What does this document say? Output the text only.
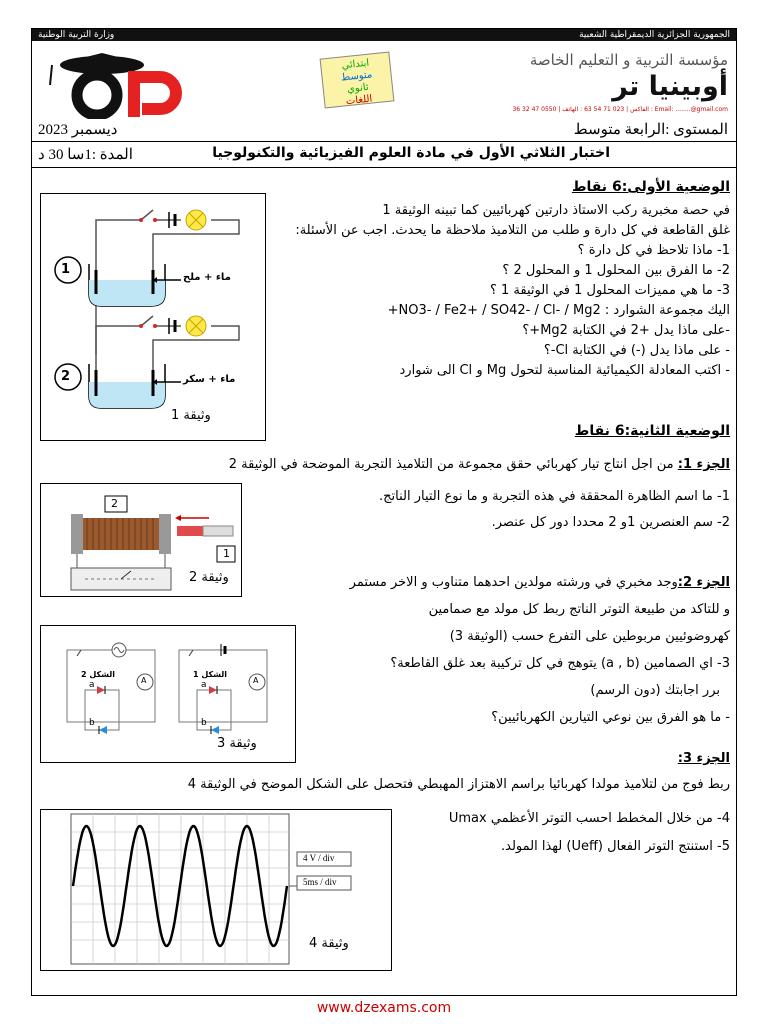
الجمهورية الجزائرية الديمقراطية الشعبية
وزارة التربية الوطنية
ابتدائي
متوسط
ثانوي
اللغات
مؤسسة التربية و التعليم الخاصة
أوبينيا تر
Email: ........@gmail.com : الفاكس | 023 71 54 63 : الهاتف | 0550 47 32 36
المستوى :الرابعة متوسط
ديسمبر 2023
اختبار الثلاثي الأول في مادة العلوم الفيزيائية والتكنولوجيا
المدة :1سا 30 د
الوضعية الأولى:6 نقاط
في حصة مخبرية ركب الاستاذ دارتين كهربائيين كما تبينه الوثيقة 1
غلق القاطعة في كل دارة و طلب من التلاميذ ملاحظة ما يحدث. اجب عن الأسئلة:
1- ماذا تلاحظ في كل دارة ؟
2- ما الفرق بين المحلول 1 و المحلول 2 ؟
3- ما هي مميزات المحلول 1 في الوثيقة 1 ؟
اليك مجموعة الشوارد : NO3- / Fe2+ / SO42- / Cl- / Mg2+
-على ماذا يدل +2 في الكتابة Mg2+؟
- على ماذا يدل (-) في الكتابة Cl-؟
- اكتب المعادلة الكيميائية المناسبة لتحول Mg و Cl الى شوارد
1
2
ماء + ملح
ماء + سكر
وثيقة 1
الوضعية الثانية:6 نقاط
الجزء 1: من اجل انتاج تيار كهربائي حقق مجموعة من التلاميذ التجربة الموضحة في الوثيقة 2
1- ما اسم الظاهرة المحققة في هذه التجربة و ما نوع التيار الناتج.
2- سم العنصرين 1و 2 محددا دور كل عنصر.
2
1
وثيقة 2	الجزء 2:وجد مخبري في ورشته مولدين احدهما متناوب و الاخر مستمر
و للتاكد من طبيعة التوتر الناتج ربط كل مولد مع صمامين
كهروضوئيين مربوطين على التفرع حسب (الوثيقة 3)
3- اي الصمامين (a , b) يتوهج في كل تركيبة بعد غلق القاطعة؟
برر اجابتك (دون الرسم)
- ما هو الفرق بين نوعي التيارين الكهربائيين؟
الشكل 2	الشكل 1
A	A
a
b
a
b
وثيقة 3
الجزء 3:
ربط فوج من لتلاميذ مولدا كهربائيا براسم الاهتزاز المهبطي فتحصل على الشكل الموضح في الوثيقة 4
4- من خلال المخطط احسب التوتر الأعظمي Umax
5- استنتج التوتر الفعال (Ueff) لهذا المولد.
4 V / div
5ms / div
وثيقة 4
www.dzexams.com
